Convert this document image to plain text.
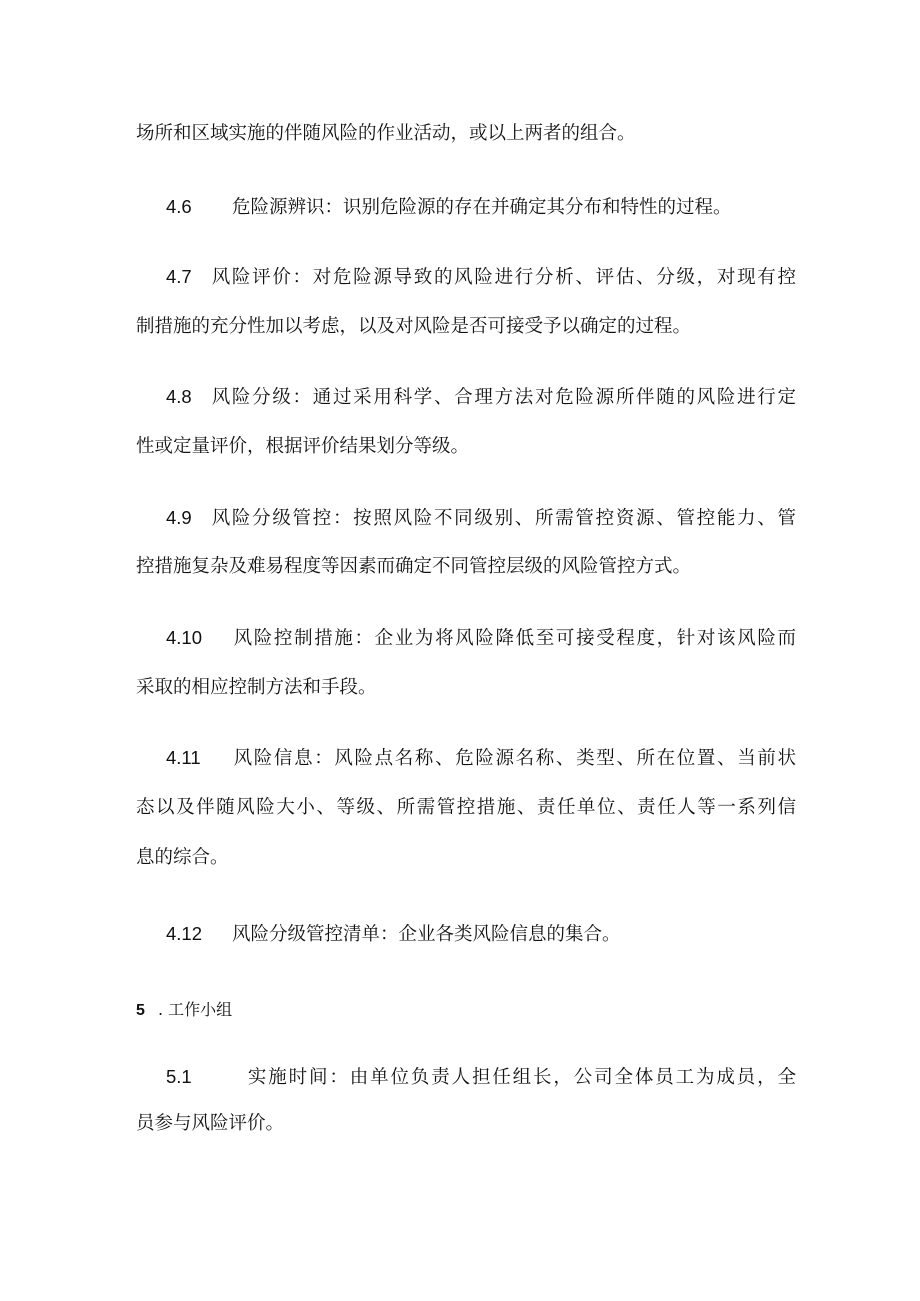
场所和区域实施的伴随风险的作业活动，或以上两者的组合。
4.6 危险源辨识：识别危险源的存在并确定其分布和特性的过程。
4.7 风险评价：对危险源导致的风险进行分析、评估、分级，对现有控
制措施的充分性加以考虑，以及对风险是否可接受予以确定的过程。
4.8 风险分级：通过采用科学、合理方法对危险源所伴随的风险进行定
性或定量评价，根据评价结果划分等级。
4.9 风险分级管控：按照风险不同级别、所需管控资源、管控能力、管
控措施复杂及难易程度等因素而确定不同管控层级的风险管控方式。
4.10 风险控制措施：企业为将风险降低至可接受程度，针对该风险而
采取的相应控制方法和手段。
4.11 风险信息：风险点名称、危险源名称、类型、所在位置、当前状
态以及伴随风险大小、等级、所需管控措施、责任单位、责任人等一系列信
息的综合。
4.12 风险分级管控清单：企业各类风险信息的集合。
5 . 工作小组
5.1	实施时间：由单位负责人担任组长，公司全体员工为成员，全
员参与风险评价。
